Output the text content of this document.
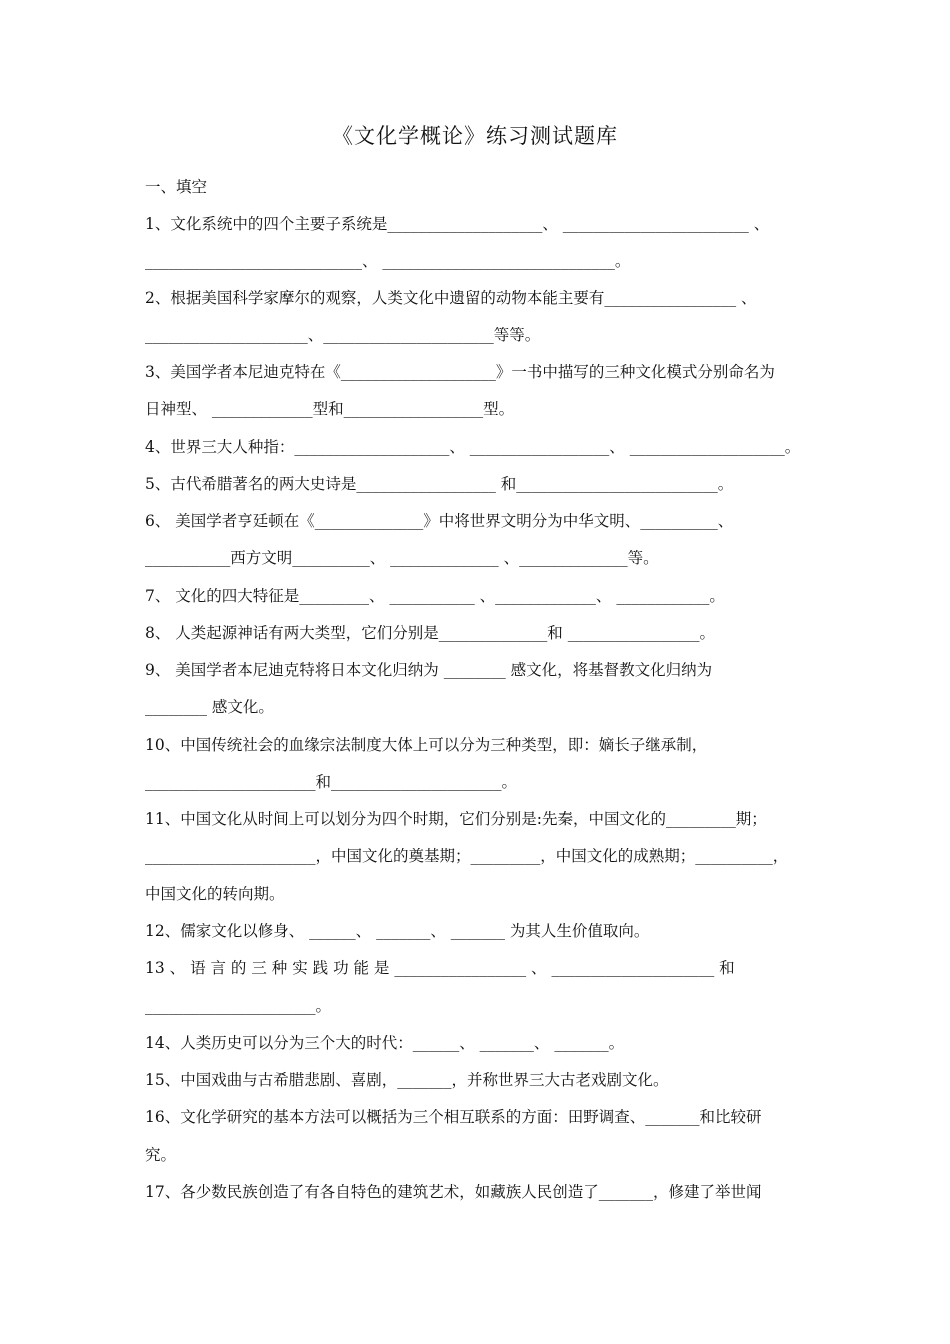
《文化学概论》练习测试题库
一、填空
1、文化系统中的四个主要子系统是____________________、 ________________________ 、
____________________________、 ______________________________。
2、根据美国科学家摩尔的观察，人类文化中遗留的动物本能主要有_________________ 、
_____________________、______________________等等。
3、美国学者本尼迪克特在《____________________》一书中描写的三种文化模式分别命名为
日神型、 _____________型和__________________型。
4、世界三大人种指：____________________、 __________________、 ____________________。
5、古代希腊著名的两大史诗是__________________ 和__________________________。
6、 美国学者亨廷顿在《______________》中将世界文明分为中华文明、__________、
___________西方文明__________、 ______________ 、______________等。
7、 文化的四大特征是_________、 ___________ 、_____________、 ____________。
8、 人类起源神话有两大类型，它们分别是______________和 _________________。
9、 美国学者本尼迪克特将日本文化归纳为 ________ 感文化，将基督教文化归纳为
________ 感文化。
10、中国传统社会的血缘宗法制度大体上可以分为三种类型，即：嫡长子继承制，
______________________和______________________。
11、中国文化从时间上可以划分为四个时期，它们分别是:先秦，中国文化的_________期；
______________________，中国文化的奠基期；_________，中国文化的成熟期；__________，
中国文化的转向期。
12、儒家文化以修身、 ______、 _______、 _______ 为其人生价值取向。
13 、 语 言 的 三 种 实 践 功 能 是 _________________ 、 _____________________ 和
______________________。
14、人类历史可以分为三个大的时代：______、 _______、 _______。
15、中国戏曲与古希腊悲剧、喜剧，_______，并称世界三大古老戏剧文化。
16、文化学研究的基本方法可以概括为三个相互联系的方面：田野调查、_______和比较研
究。
17、各少数民族创造了有各自特色的建筑艺术，如藏族人民创造了_______，修建了举世闻
